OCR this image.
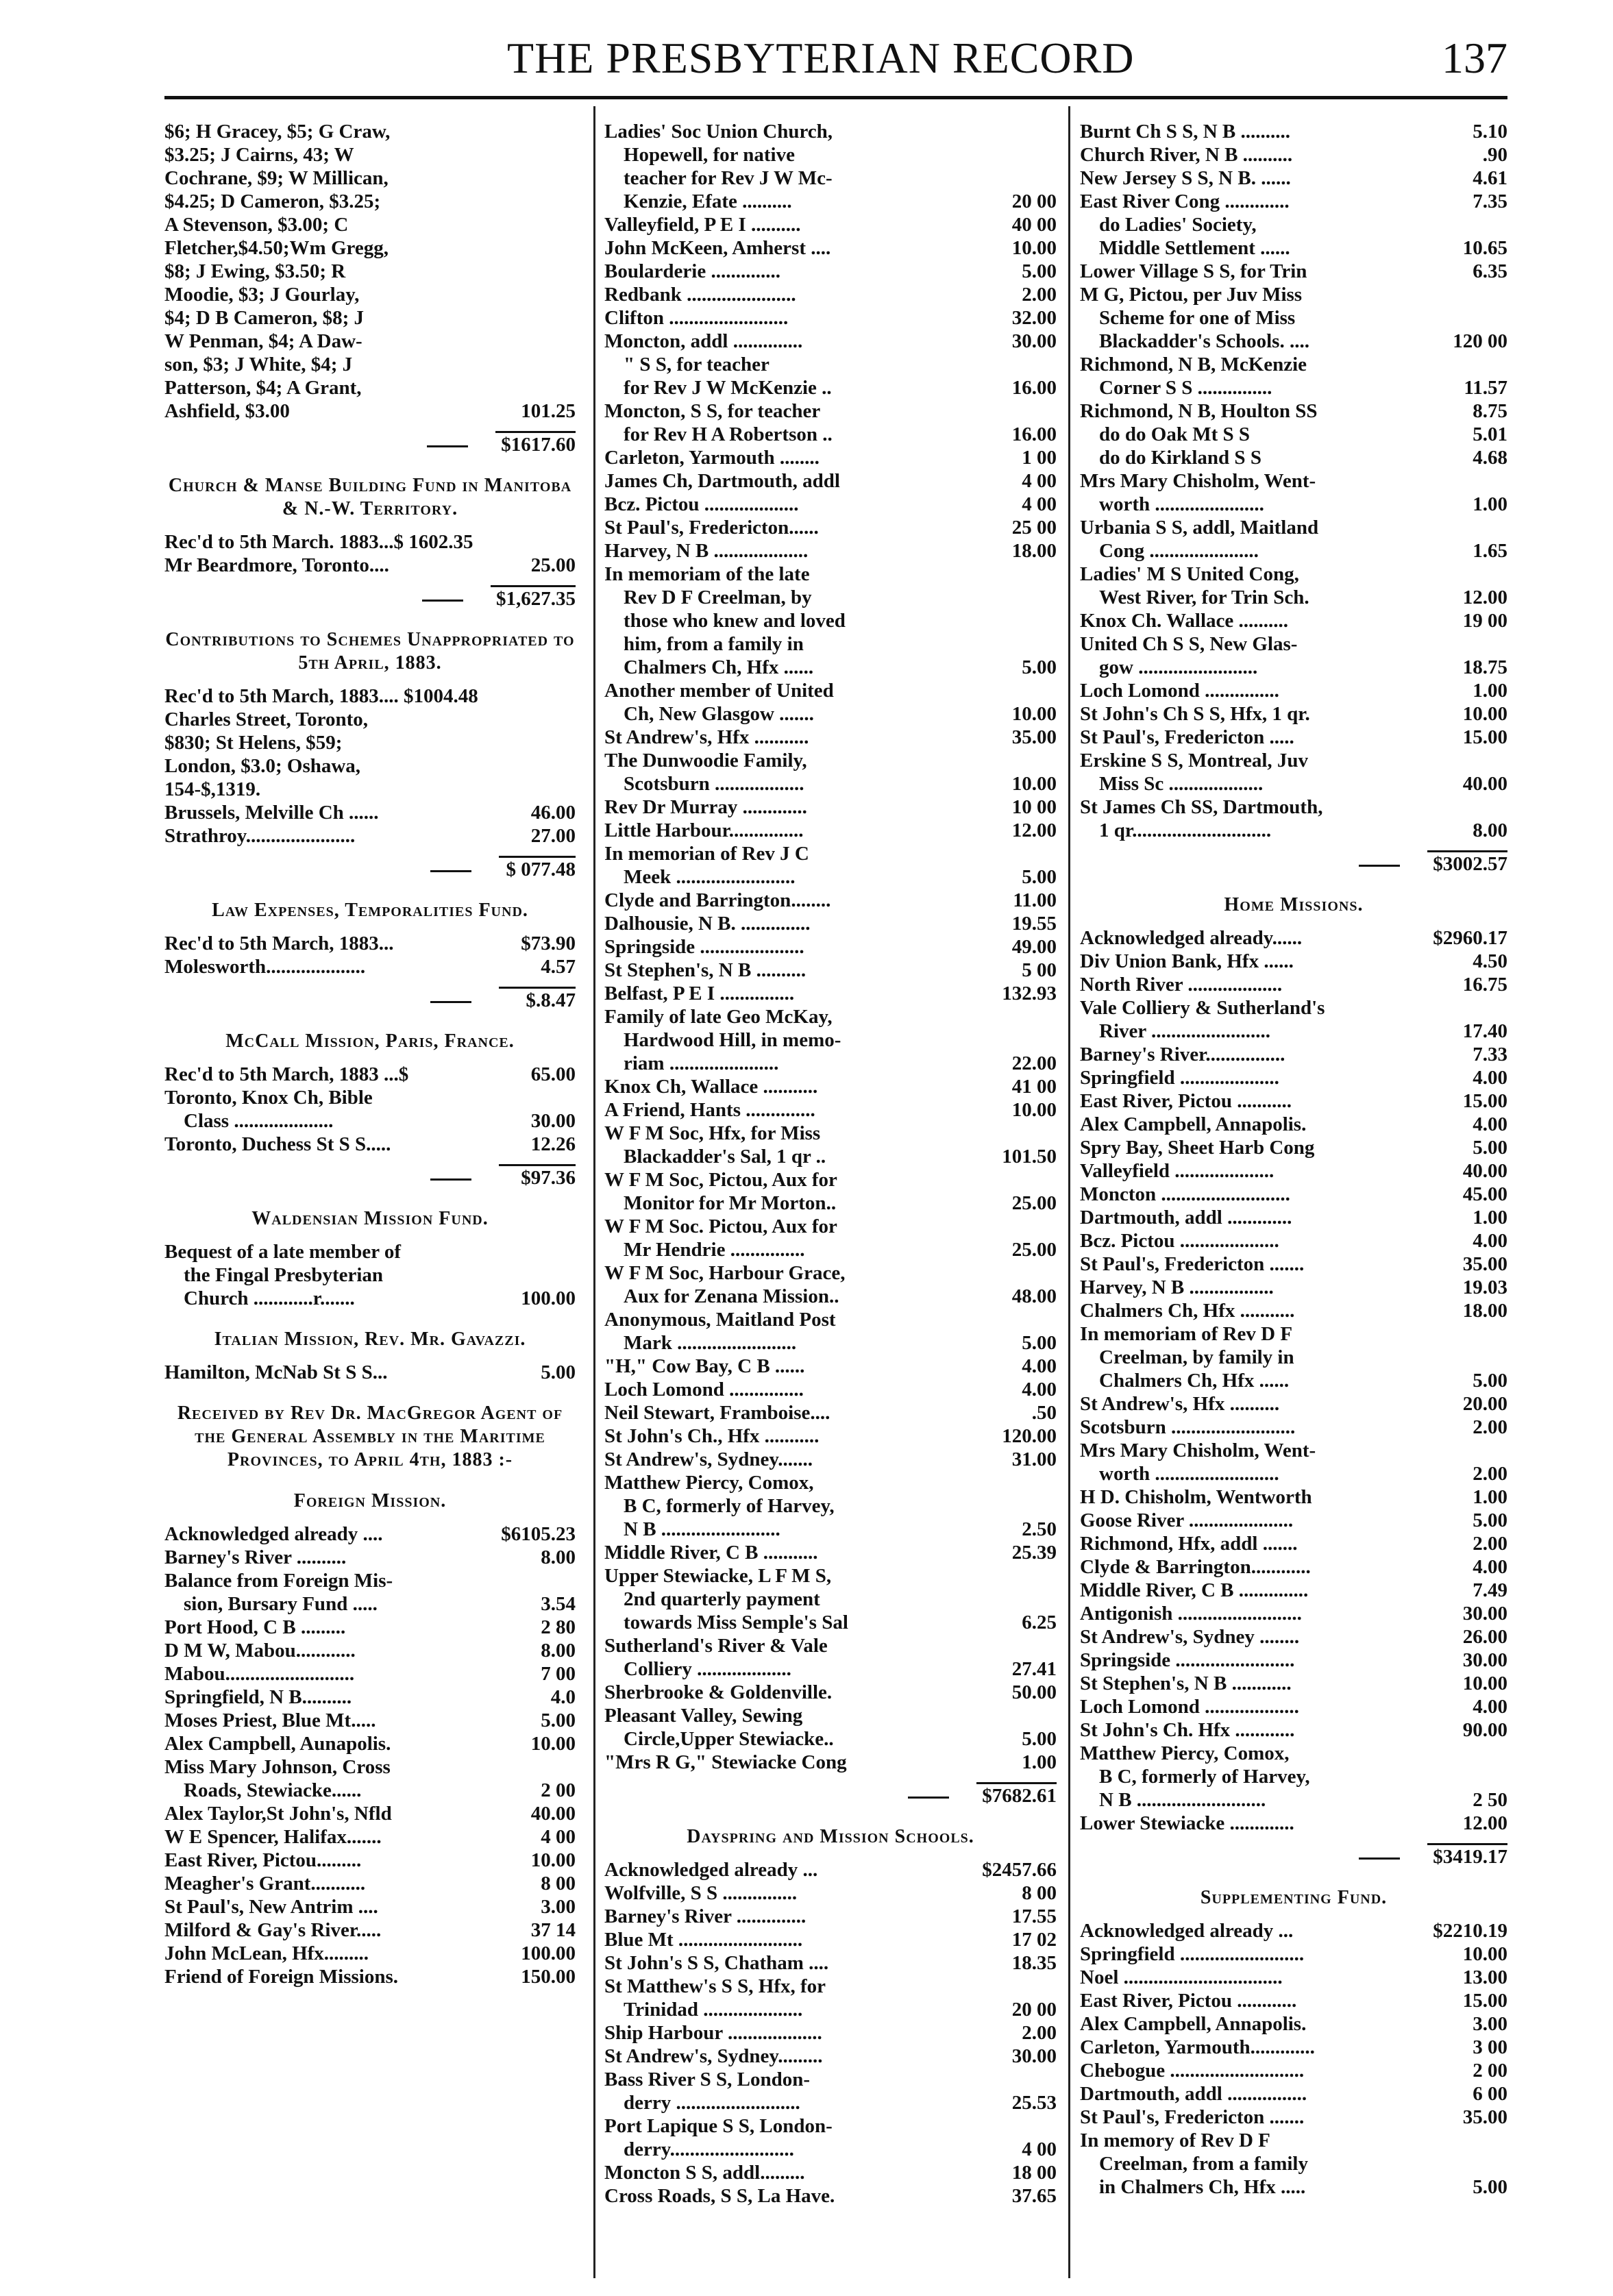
THE PRESBYTERIAN RECORD	137
$6; H Gracey, $5; G Craw,
$3.25; J Cairns, 43; W
Cochrane, $9; W Millican,
$4.25; D Cameron, $3.25;
A Stevenson, $3.00; C
Fletcher,$4.50;Wm Gregg,
$8; J Ewing, $3.50; R
Moodie, $3; J Gourlay,
$4; D B Cameron, $8; J
W Penman, $4; A Daw-
son, $3; J White, $4; J
Patterson, $4; A Grant,
Ashfield, $3.00	101.25
$1617.60
Church & Manse Building Fund in Manitoba & N.-W. Territory.
Rec'd to 5th March. 1883...$ 1602.35
Mr Beardmore, Toronto....	25.00
$1,627.35
Contributions to Schemes Unappropriated to 5th April, 1883.
Rec'd to 5th March, 1883.... $1004.48
Charles Street, Toronto,
$830; St Helens, $59;
London, $3.0; Oshawa,
154-$,1319.
Brussels, Melville Ch ......	46.00
Strathroy......................	27.00
$ 077.48
Law Expenses, Temporalities Fund.
Rec'd to 5th March, 1883...	$73.90
Molesworth....................	4.57
$.8.47
McCall Mission, Paris, France.
Rec'd to 5th March, 1883 ...$	65.00
Toronto, Knox Ch, Bible
Class ....................	30.00
Toronto, Duchess St S S.....	12.26
$97.36
Waldensian Mission Fund.
Bequest of a late member of
the Fingal Presbyterian
Church ............r.......	100.00
Italian Mission, Rev. Mr. Gavazzi.
Hamilton, McNab St S S...	5.00
Received by Rev Dr. MacGregor Agent of the General Assembly in the Maritime Provinces, to April 4th, 1883 :-
Foreign Mission.
Acknowledged already ....	$6105.23
Barney's River ..........	8.00
Balance from Foreign Mis-
sion, Bursary Fund .....	3.54
Port Hood, C B .........	2 80
D M W, Mabou............	8.00
Mabou..........................	7 00
Springfield, N B..........	4.0
Moses Priest, Blue Mt.....	5.00
Alex Campbell, Aunapolis.	10.00
Miss Mary Johnson, Cross
Roads, Stewiacke......	2 00
Alex Taylor,St John's, Nfld	40.00
W E Spencer, Halifax.......	4 00
East River, Pictou.........	10.00
Meagher's Grant...........	8 00
St Paul's, New Antrim ....	3.00
Milford & Gay's River.....	37 14
John McLean, Hfx.........	100.00
Friend of Foreign Missions.	150.00
Ladies' Soc Union Church,
Hopewell, for native
teacher for Rev J W Mc-
Kenzie, Efate ..........	20 00
Valleyfield, P E I ..........	40 00
John McKeen, Amherst ....	10.00
Boularderie ..............	5.00
Redbank ......................	2.00
Clifton ........................	32.00
Moncton, addl ..............	30.00
" S S, for teacher
for Rev J W McKenzie ..	16.00
Moncton, S S, for teacher
for Rev H A Robertson ..	16.00
Carleton, Yarmouth ........	1 00
James Ch, Dartmouth, addl	4 00
Bcz. Pictou ...................	4 00
St Paul's, Fredericton......	25 00
Harvey, N B ...................	18.00
In memoriam of the late
Rev D F Creelman, by
those who knew and loved
him, from a family in
Chalmers Ch, Hfx ......	5.00
Another member of United
Ch, New Glasgow .......	10.00
St Andrew's, Hfx ...........	35.00
The Dunwoodie Family,
Scotsburn ..................	10.00
Rev Dr Murray .............	10 00
Little Harbour...............	12.00
In memorian of Rev J C
Meek ........................	5.00
Clyde and Barrington........	11.00
Dalhousie, N B. ..............	19.55
Springside .....................	49.00
St Stephen's, N B ..........	5 00
Belfast, P E I ...............	132.93
Family of late Geo McKay,
Hardwood Hill, in memo-
riam ......................	22.00
Knox Ch, Wallace ...........	41 00
A Friend, Hants ..............	10.00
W F M Soc, Hfx, for Miss
Blackadder's Sal, 1 qr ..	101.50
W F M Soc, Pictou, Aux for
Monitor for Mr Morton..	25.00
W F M Soc. Pictou, Aux for
Mr Hendrie ...............	25.00
W F M Soc, Harbour Grace,
Aux for Zenana Mission..	48.00
Anonymous, Maitland Post
Mark ........................	5.00
"H," Cow Bay, C B ......	4.00
Loch Lomond ...............	4.00
Neil Stewart, Framboise....	.50
St John's Ch., Hfx ...........	120.00
St Andrew's, Sydney.......	31.00
Matthew Piercy, Comox,
B C, formerly of Harvey,
N B ........................	2.50
Middle River, C B ...........	25.39
Upper Stewiacke, L F M S,
2nd quarterly payment
towards Miss Semple's Sal	6.25
Sutherland's River & Vale
Colliery ...................	27.41
Sherbrooke & Goldenville.	50.00
Pleasant Valley, Sewing
Circle,Upper Stewiacke..	5.00
"Mrs R G," Stewiacke Cong	1.00
$7682.61
Dayspring and Mission Schools.
Acknowledged already ...	$2457.66
Wolfville, S S ...............	8 00
Barney's River ..............	17.55
Blue Mt .........................	17 02
St John's S S, Chatham ....	18.35
St Matthew's S S, Hfx, for
Trinidad ....................	20 00
Ship Harbour ...................	2.00
St Andrew's, Sydney.........	30.00
Bass River S S, London-
derry .........................	25.53
Port Lapique S S, London-
derry.........................	4 00
Moncton S S, addl.........	18 00
Cross Roads, S S, La Have.	37.65
Burnt Ch S S, N B ..........	5.10
Church River, N B ..........	.90
New Jersey S S, N B. ......	4.61
East River Cong .............	7.35
do Ladies' Society,
Middle Settlement ......	10.65
Lower Village S S, for Trin	6.35
M G, Pictou, per Juv Miss
Scheme for one of Miss
Blackadder's Schools. ....	120 00
Richmond, N B, McKenzie
Corner S S ...............	11.57
Richmond, N B, Houlton SS	8.75
do do Oak Mt S S	5.01
do do Kirkland S S	4.68
Mrs Mary Chisholm, Went-
worth ......................	1.00
Urbania S S, addl, Maitland
Cong ......................	1.65
Ladies' M S United Cong,
West River, for Trin Sch.	12.00
Knox Ch. Wallace ..........	19 00
United Ch S S, New Glas-
gow ........................	18.75
Loch Lomond ...............	1.00
St John's Ch S S, Hfx, 1 qr.	10.00
St Paul's, Fredericton .....	15.00
Erskine S S, Montreal, Juv
Miss Sc ...................	40.00
St James Ch SS, Dartmouth,
1 qr............................	8.00
$3002.57
Home Missions.
Acknowledged already......	$2960.17
Div Union Bank, Hfx ......	4.50
North River ...................	16.75
Vale Colliery & Sutherland's
River ........................	17.40
Barney's River................	7.33
Springfield ....................	4.00
East River, Pictou ...........	15.00
Alex Campbell, Annapolis.	4.00
Spry Bay, Sheet Harb Cong	5.00
Valleyfield ....................	40.00
Moncton ..........................	45.00
Dartmouth, addl .............	1.00
Bcz. Pictou ....................	4.00
St Paul's, Fredericton .......	35.00
Harvey, N B .................	19.03
Chalmers Ch, Hfx ...........	18.00
In memoriam of Rev D F
Creelman, by family in
Chalmers Ch, Hfx ......	5.00
St Andrew's, Hfx ..........	20.00
Scotsburn .........................	2.00
Mrs Mary Chisholm, Went-
worth .........................	2.00
H D. Chisholm, Wentworth	1.00
Goose River .....................	5.00
Richmond, Hfx, addl .......	2.00
Clyde & Barrington............	4.00
Middle River, C B ..............	7.49
Antigonish .........................	30.00
St Andrew's, Sydney ........	26.00
Springside ........................	30.00
St Stephen's, N B ............	10.00
Loch Lomond ...................	4.00
St John's Ch. Hfx ............	90.00
Matthew Piercy, Comox,
B C, formerly of Harvey,
N B ..........................	2 50
Lower Stewiacke .............	12.00
$3419.17
Supplementing Fund.
Acknowledged already ...	$2210.19
Springfield .........................	10.00
Noel ................................	13.00
East River, Pictou ............	15.00
Alex Campbell, Annapolis.	3.00
Carleton, Yarmouth.............	3 00
Chebogue ...........................	2 00
Dartmouth, addl ................	6 00
St Paul's, Fredericton .......	35.00
In memory of Rev D F
Creelman, from a family
in Chalmers Ch, Hfx .....	5.00
